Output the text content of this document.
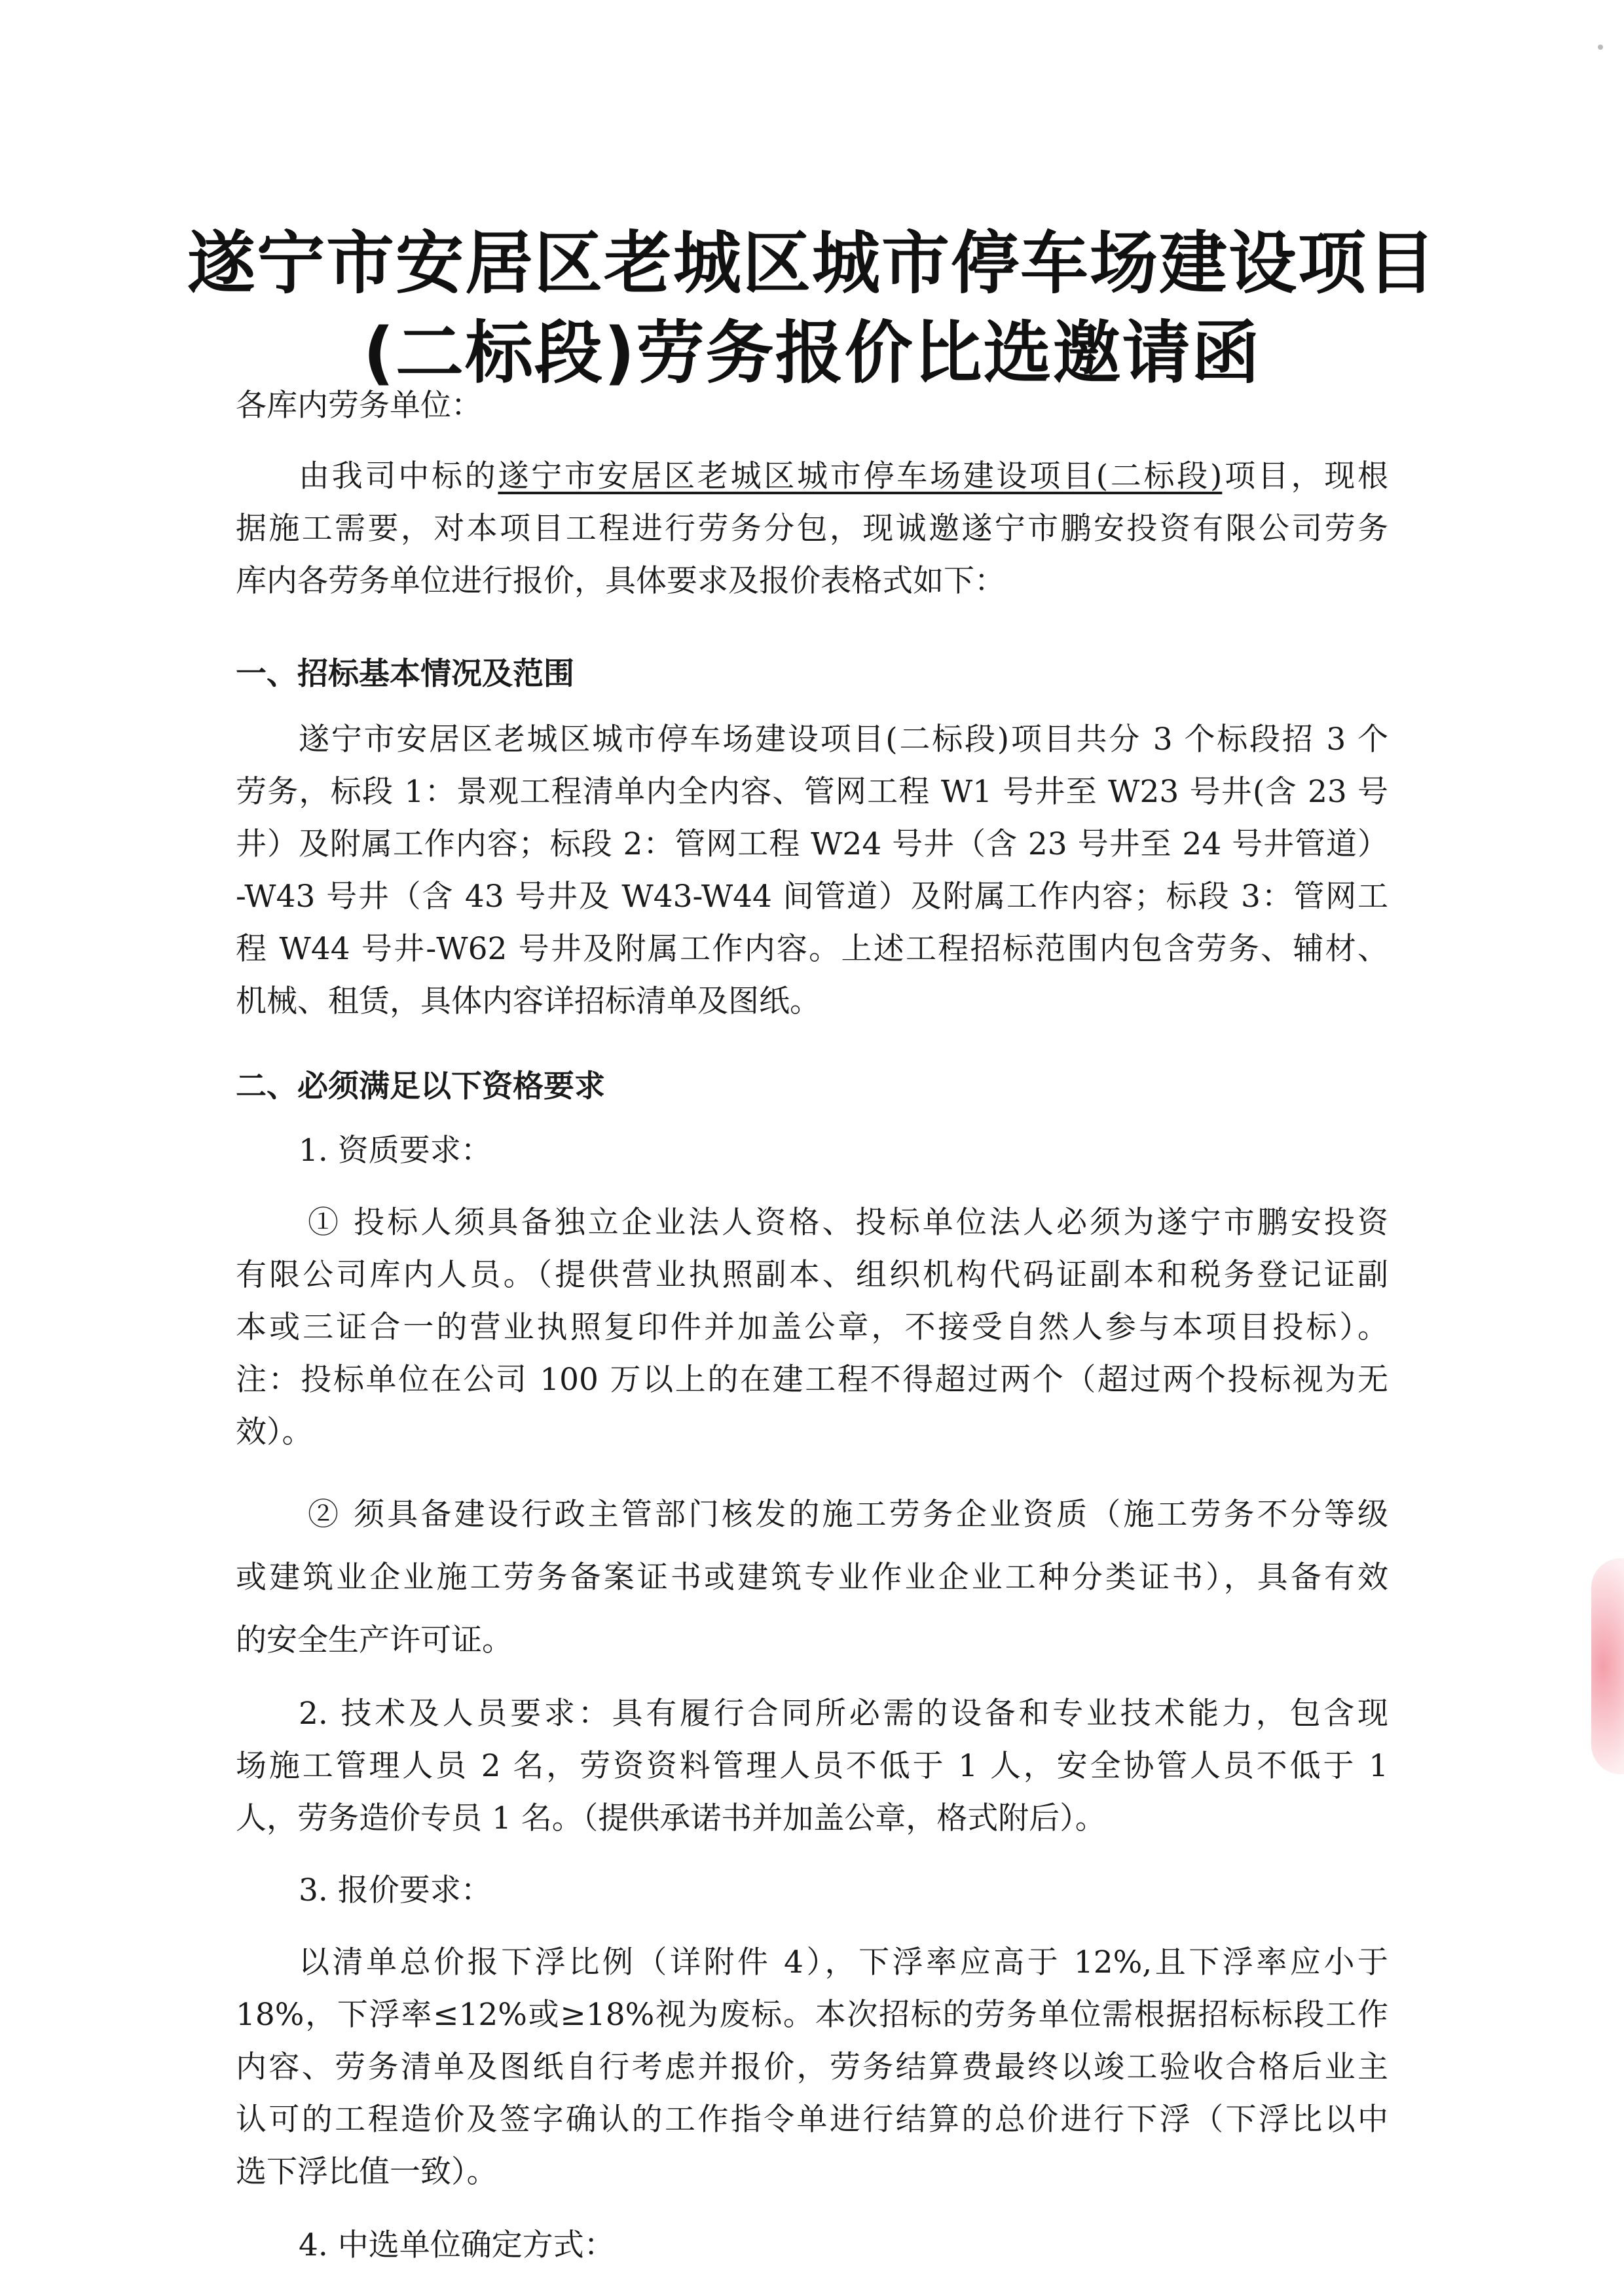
遂宁市安居区老城区城市停车场建设项目
(二标段)劳务报价比选邀请函
各库内劳务单位：
由我司中标的遂宁市安居区老城区城市停车场建设项目(二标段)项目，现根
据施工需要，对本项目工程进行劳务分包，现诚邀遂宁市鹏安投资有限公司劳务
库内各劳务单位进行报价，具体要求及报价表格式如下：
一、招标基本情况及范围
遂宁市安居区老城区城市停车场建设项目(二标段)项目共分 3 个标段招 3 个
劳务，标段 1：景观工程清单内全内容、管网工程 W1 号井至 W23 号井(含 23 号
井）及附属工作内容；标段 2：管网工程 W24 号井（含 23 号井至 24 号井管道）
-W43 号井（含 43 号井及 W43-W44 间管道）及附属工作内容；标段 3：管网工
程 W44 号井-W62 号井及附属工作内容。上述工程招标范围内包含劳务、辅材、
机械、租赁，具体内容详招标清单及图纸。
二、必须满足以下资格要求
1. 资质要求：
① 投标人须具备独立企业法人资格、投标单位法人必须为遂宁市鹏安投资
有限公司库内人员。（提供营业执照副本、组织机构代码证副本和税务登记证副
本或三证合一的营业执照复印件并加盖公章，不接受自然人参与本项目投标）。
注：投标单位在公司 100 万以上的在建工程不得超过两个（超过两个投标视为无
效）。
② 须具备建设行政主管部门核发的施工劳务企业资质（施工劳务不分等级
或建筑业企业施工劳务备案证书或建筑专业作业企业工种分类证书），具备有效
的安全生产许可证。
2. 技术及人员要求：具有履行合同所必需的设备和专业技术能力，包含现
场施工管理人员 2 名，劳资资料管理人员不低于 1 人，安全协管人员不低于 1
人，劳务造价专员 1 名。（提供承诺书并加盖公章，格式附后）。
3. 报价要求：
以清单总价报下浮比例（详附件 4），下浮率应高于 12%,且下浮率应小于
18%，下浮率≤12%或≥18%视为废标。本次招标的劳务单位需根据招标标段工作
内容、劳务清单及图纸自行考虑并报价，劳务结算费最终以竣工验收合格后业主
认可的工程造价及签字确认的工作指令单进行结算的总价进行下浮（下浮比以中
选下浮比值一致）。
4. 中选单位确定方式：
